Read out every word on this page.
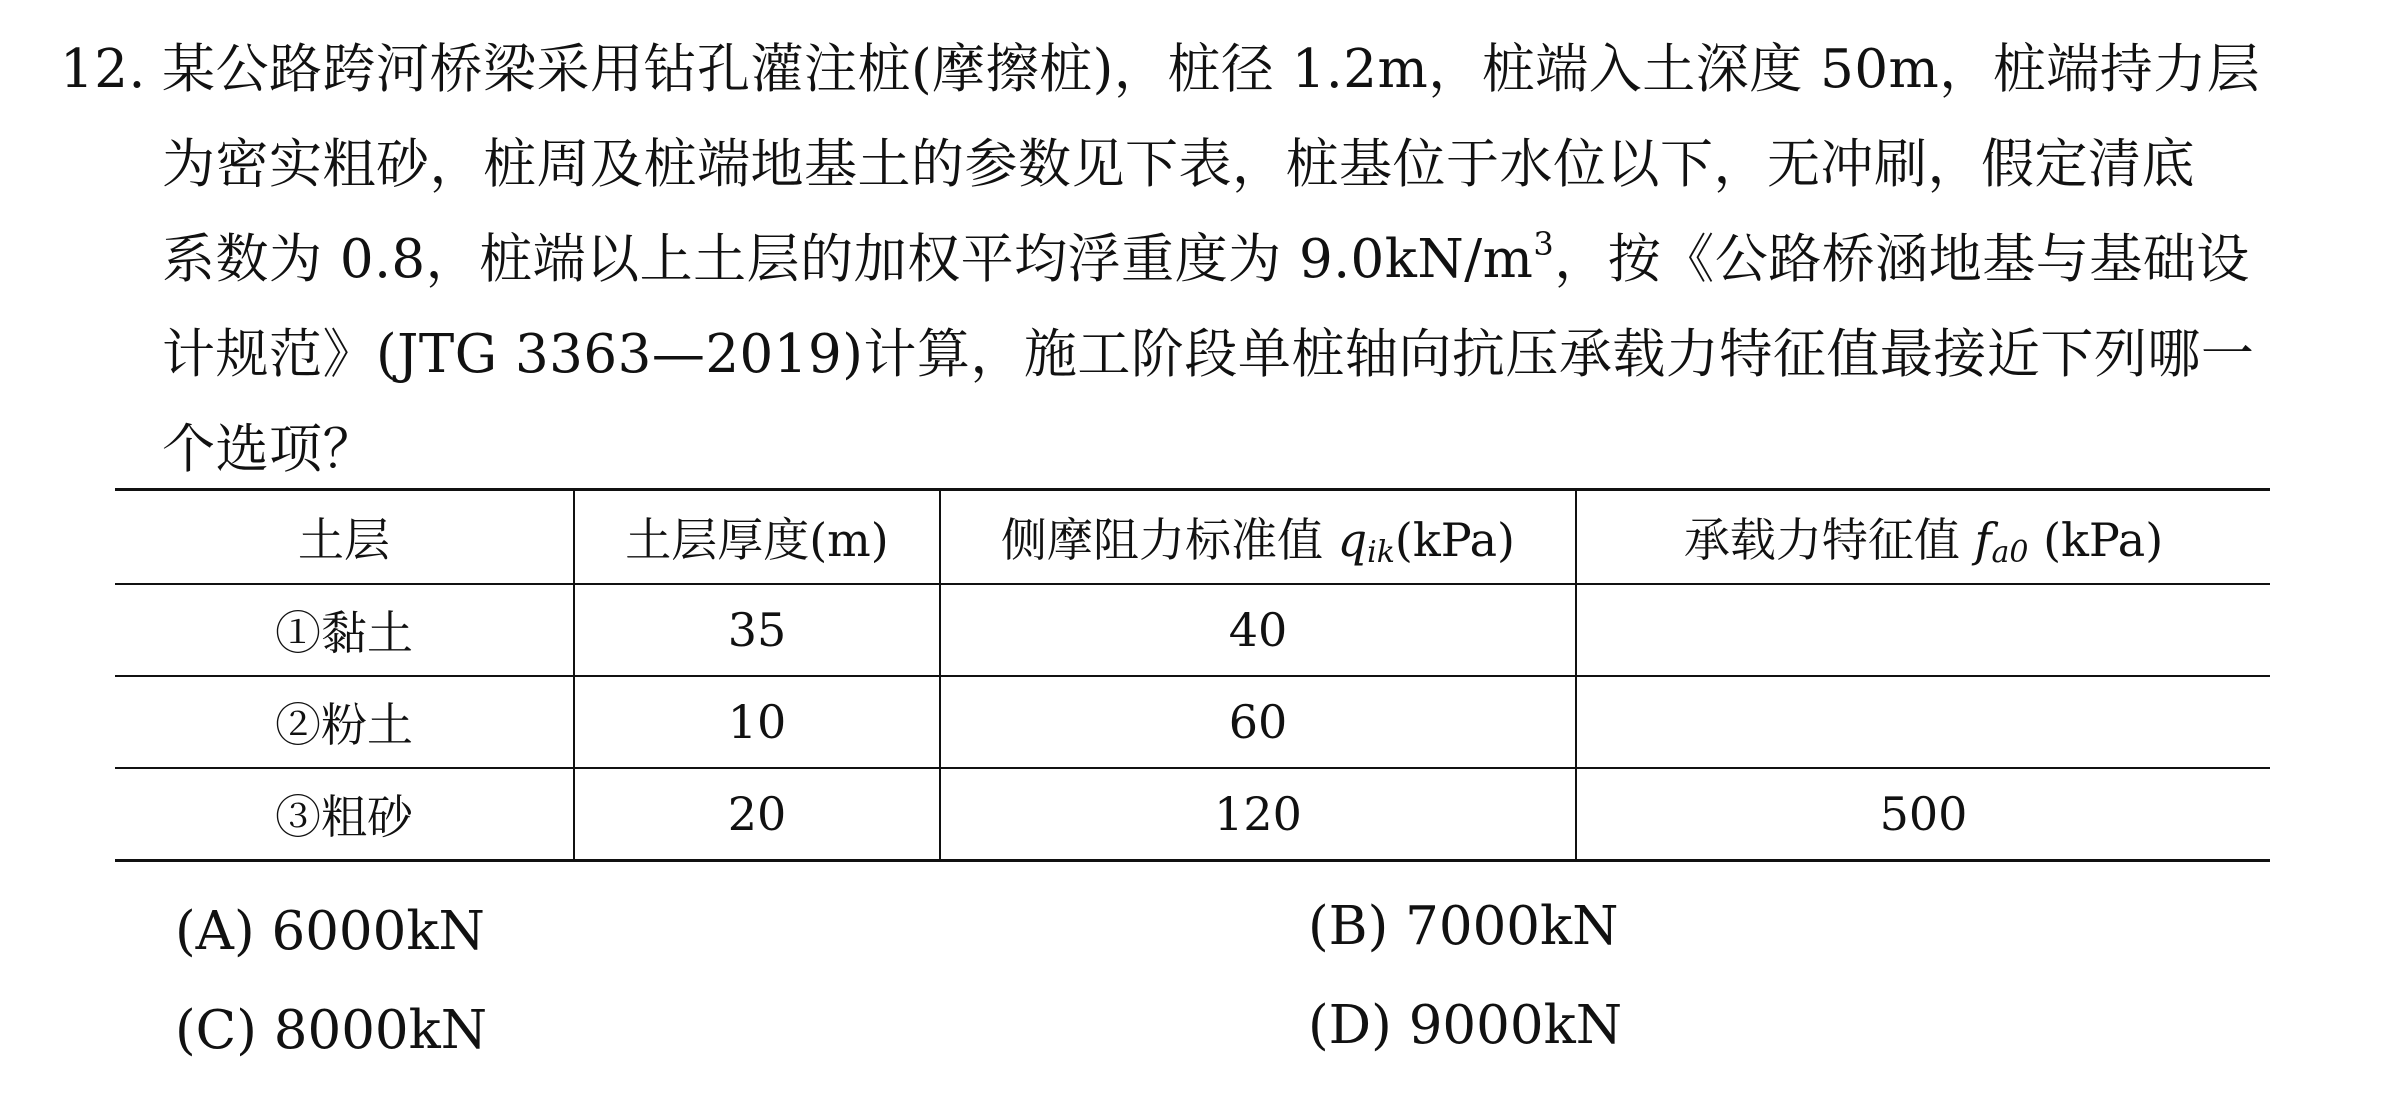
12. 某公路跨河桥梁采用钻孔灌注桩(摩擦桩)，桩径 1.2m，桩端入土深度 50m，桩端持力层
为密实粗砂，桩周及桩端地基土的参数见下表，桩基位于水位以下，无冲刷，假定清底
系数为 0.8，桩端以上土层的加权平均浮重度为 $9.0kN/m^3$，按《公路桥涵地基与基础设
计规范》(JTG 3363—2019)计算，施工阶段单桩轴向抗压承载力特征值最接近下列哪一
个选项？
土层	土层厚度(m)	侧摩阻力标准值 $q_{ik}(kPa)$	承载力特征值 $f_{a0}$ (kPa)
①黏土	35	40	
②粉土	10	60	
③粗砂	20	120	500
(A) 6000kN	(B) 7000kN
(C) 8000kN	(D) 9000kN
